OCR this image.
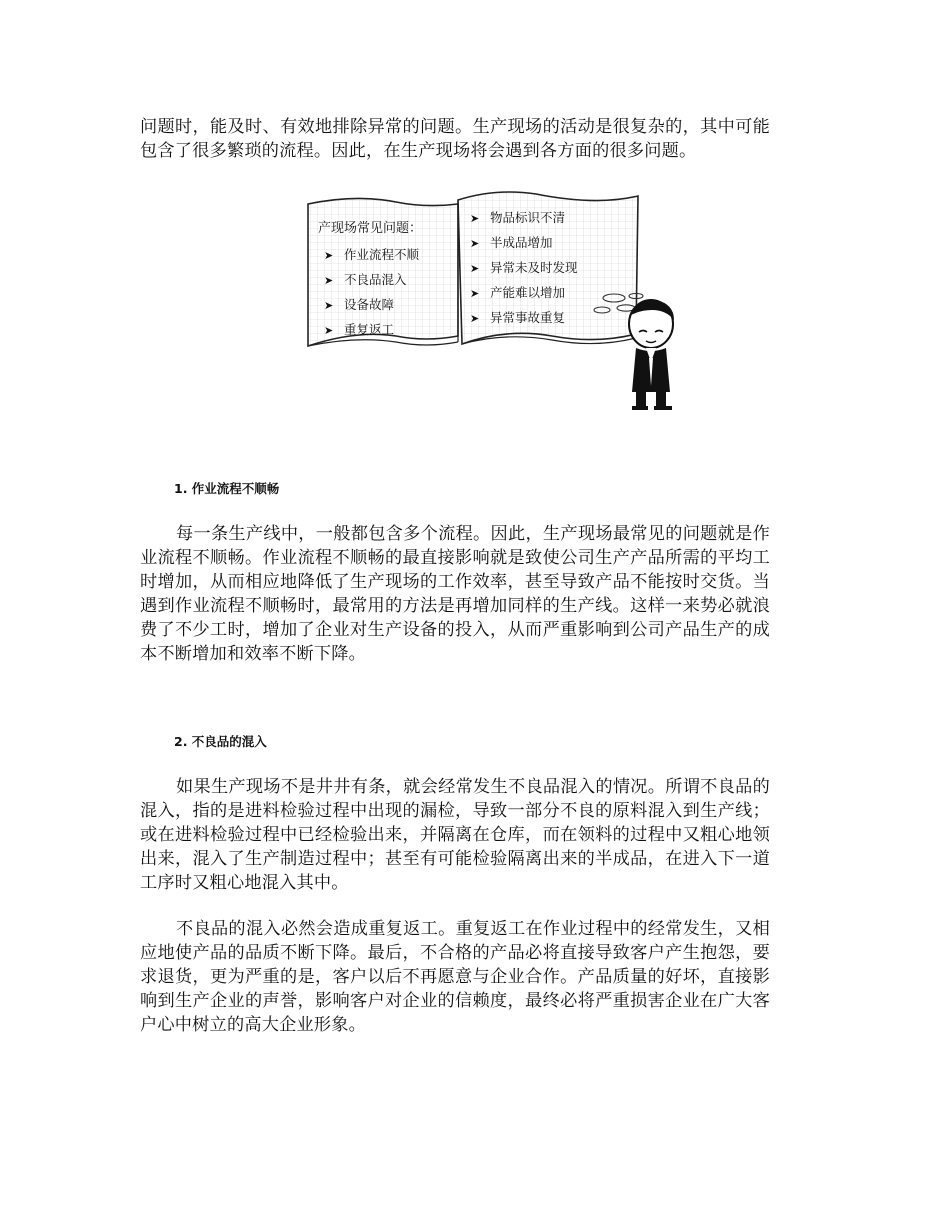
问题时，能及时、有效地排除异常的问题。生产现场的活动是很复杂的，其中可能包含了很多繁琐的流程。因此，在生产现场将会遇到各方面的很多问题。

产现场常见问题：
➤ 作业流程不顺
➤ 不良品混入
➤ 设备故障
➤ 重复返工
➤ 物品标识不清
➤ 半成品增加
➤ 异常未及时发现
➤ 产能难以增加
➤ 异常事故重复
1. 作业流程不顺畅

每一条生产线中，一般都包含多个流程。因此，生产现场最常见的问题就是作业流程不顺畅。作业流程不顺畅的最直接影响就是致使公司生产产品所需的平均工时增加，从而相应地降低了生产现场的工作效率，甚至导致产品不能按时交货。当遇到作业流程不顺畅时，最常用的方法是再增加同样的生产线。这样一来势必就浪费了不少工时，增加了企业对生产设备的投入，从而严重影响到公司产品生产的成本不断增加和效率不断下降。

2. 不良品的混入

如果生产现场不是井井有条，就会经常发生不良品混入的情况。所谓不良品的混入，指的是进料检验过程中出现的漏检，导致一部分不良的原料混入到生产线；或在进料检验过程中已经检验出来，并隔离在仓库，而在领料的过程中又粗心地领出来，混入了生产制造过程中；甚至有可能检验隔离出来的半成品，在进入下一道工序时又粗心地混入其中。

不良品的混入必然会造成重复返工。重复返工在作业过程中的经常发生，又相应地使产品的品质不断下降。最后，不合格的产品必将直接导致客户产生抱怨，要求退货，更为严重的是，客户以后不再愿意与企业合作。产品质量的好坏，直接影响到生产企业的声誉，影响客户对企业的信赖度，最终必将严重损害企业在广大客户心中树立的高大企业形象。
